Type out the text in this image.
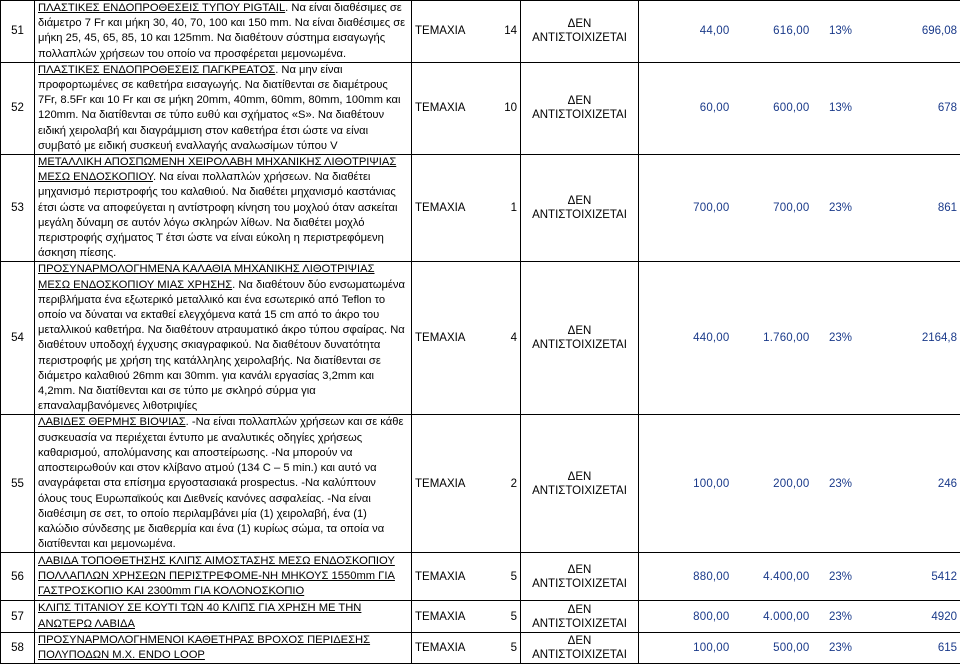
51	ΠΛΑΣΤΙΚΕΣ ΕΝΔΟΠΡΟΘΕΣΕΙΣ ΤΥΠΟΥ PIGTAIL. Να είναι διαθέσιμες σε διάμετρο 7 Fr και μήκη 30, 40, 70, 100 και 150 mm. Να είναι διαθέσιμες σε μήκη 25, 45, 65, 85, 10 και 125mm. Να διαθέτουν σύστημα εισαγωγής πολλαπλών χρήσεων του οποίο να προσφέρεται μεμονωμένα.	ΤΕΜΑΧΙΑ	14	ΔΕΝ ΑΝΤΙΣΤΟΙΧΙΖΕΤΑΙ	44,00	616,00	13%	696,08
52	ΠΛΑΣΤΙΚΕΣ ΕΝΔΟΠΡΟΘΕΣΕΙΣ ΠΑΓΚΡΕΑΤΟΣ. Να μην είναι προφορτωμένες σε καθετήρα εισαγωγής. Να διατίθενται σε διαμέτρους 7Fr, 8.5Fr και 10 Fr και σε μήκη 20mm, 40mm, 60mm, 80mm, 100mm και 120mm. Να διατίθενται σε τύπο ευθύ και σχήματος «S». Να διαθέτουν ειδική χειρολαβή και διαγράμμιση στον καθετήρα έτσι ώστε να είναι συμβατό με ειδική συσκευή εναλλαγής αναλωσίμων τύπου V	ΤΕΜΑΧΙΑ	10	ΔΕΝ ΑΝΤΙΣΤΟΙΧΙΖΕΤΑΙ	60,00	600,00	13%	678
53	ΜΕΤΑΛΛΙΚΗ ΑΠΟΣΠΩΜΕΝΗ ΧΕΙΡΟΛΑΒΗ ΜΗΧΑΝΙΚΗΣ ΛΙΘΟΤΡΙΨΙΑΣ ΜΕΣΩ ΕΝΔΟΣΚΟΠΙΟΥ. Να είναι πολλαπλών χρήσεων. Να διαθέτει μηχανισμό περιστροφής του καλαθιού. Να διαθέτει μηχανισμό καστάνιας έτσι ώστε να αποφεύγεται η αντίστροφη κίνηση του μοχλού όταν ασκείται μεγάλη δύναμη σε αυτόν λόγω σκληρών λίθων. Να διαθέτει μοχλό περιστροφής σχήματος Τ έτσι ώστε να είναι εύκολη η περιστρεφόμενη άσκηση πίεσης.	ΤΕΜΑΧΙΑ	1	ΔΕΝ ΑΝΤΙΣΤΟΙΧΙΖΕΤΑΙ	700,00	700,00	23%	861
54	ΠΡΟΣΥΝΑΡΜΟΛΟΓΗΜΕΝΑ ΚΑΛΑΘΙΑ ΜΗΧΑΝΙΚΗΣ ΛΙΘΟΤΡΙΨΙΑΣ ΜΕΣΩ ΕΝΔΟΣΚΟΠΙΟΥ ΜΙΑΣ ΧΡΗΣΗΣ. Να διαθέτουν δύο ενσωματωμένα περιβλήματα ένα εξωτερικό μεταλλικό και ένα εσωτερικό από Teflon το οποίο να δύναται να εκταθεί ελεγχόμενα κατά 15 cm από το άκρο του μεταλλικού καθετήρα. Να διαθέτουν ατραυματικό άκρο τύπου σφαίρας. Να διαθέτουν υποδοχή έγχυσης σκιαγραφικού. Να διαθέτουν δυνατότητα περιστροφής με χρήση της κατάλληλης χειρολαβής. Να διατίθενται σε διάμετρο καλαθιού 26mm και 30mm. για κανάλι εργασίας 3,2mm και 4,2mm. Να διατίθενται και σε τύπο με σκληρό σύρμα για επαναλαμβανόμενες λιθοτριψίες	ΤΕΜΑΧΙΑ	4	ΔΕΝ ΑΝΤΙΣΤΟΙΧΙΖΕΤΑΙ	440,00	1.760,00	23%	2164,8
55	ΛΑΒΙΔΕΣ ΘΕΡΜΗΣ ΒΙΟΨΙΑΣ. -Να είναι πολλαπλών χρήσεων και σε κάθε συσκευασία να περιέχεται έντυπο με αναλυτικές οδηγίες χρήσεως καθαρισμού, απολύμανσης και αποστείρωσης. -Να μπορούν να αποστειρωθούν και στον κλίβανο ατμού (134 C – 5 min.) και αυτό να αναγράφεται στα επίσημα εργοστασιακά prospectus. -Να καλύπτουν όλους τους Ευρωπαϊκούς και Διεθνείς κανόνες ασφαλείας. -Να είναι διαθέσιμη σε σετ, το οποίο περιλαμβάνει μία (1) χειρολαβή, ένα (1) καλώδιο σύνδεσης με διαθερμία και ένα (1) κυρίως σώμα, τα οποία να διατίθενται και μεμονωμένα.	ΤΕΜΑΧΙΑ	2	ΔΕΝ ΑΝΤΙΣΤΟΙΧΙΖΕΤΑΙ	100,00	200,00	23%	246
56	ΛΑΒΙΔΑ ΤΟΠΟΘΕΤΗΣΗΣ ΚΛΙΠΣ ΑΙΜΟΣΤΑΣΗΣ ΜΕΣΩ ΕΝΔΟΣΚΟΠΙΟΥ ΠΟΛΛΑΠΛΩΝ ΧΡΗΣΕΩΝ ΠΕΡΙΣΤΡΕΦΟΜΕ-ΝΗ ΜΗΚΟΥΣ 1550mm ΓΙΑ ΓΑΣΤΡΟΣΚΟΠΙΟ ΚΑΙ 2300mm ΓΙΑ ΚΟΛΟΝΟΣΚΟΠΙΟ	ΤΕΜΑΧΙΑ	5	ΔΕΝ ΑΝΤΙΣΤΟΙΧΙΖΕΤΑΙ	880,00	4.400,00	23%	5412
57	ΚΛΙΠΣ ΤΙΤΑΝΙΟΥ ΣΕ ΚΟΥΤΙ ΤΩΝ 40 ΚΛΙΠΣ ΓΙΑ ΧΡΗΣΗ ΜΕ ΤΗΝ ΑΝΩΤΕΡΩ ΛΑΒΙΔΑ	ΤΕΜΑΧΙΑ	5	ΔΕΝ ΑΝΤΙΣΤΟΙΧΙΖΕΤΑΙ	800,00	4.000,00	23%	4920
58	ΠΡΟΣΥΝΑΡΜΟΛΟΓΗΜΕΝΟΙ ΚΑΘΕΤΗΡΑΣ ΒΡΟΧΟΣ ΠΕΡΙΔΕΣΗΣ ΠΟΛΥΠΟΔΩΝ Μ.Χ. ENDO LOOP	ΤΕΜΑΧΙΑ	5	ΔΕΝ ΑΝΤΙΣΤΟΙΧΙΖΕΤΑΙ	100,00	500,00	23%	615
